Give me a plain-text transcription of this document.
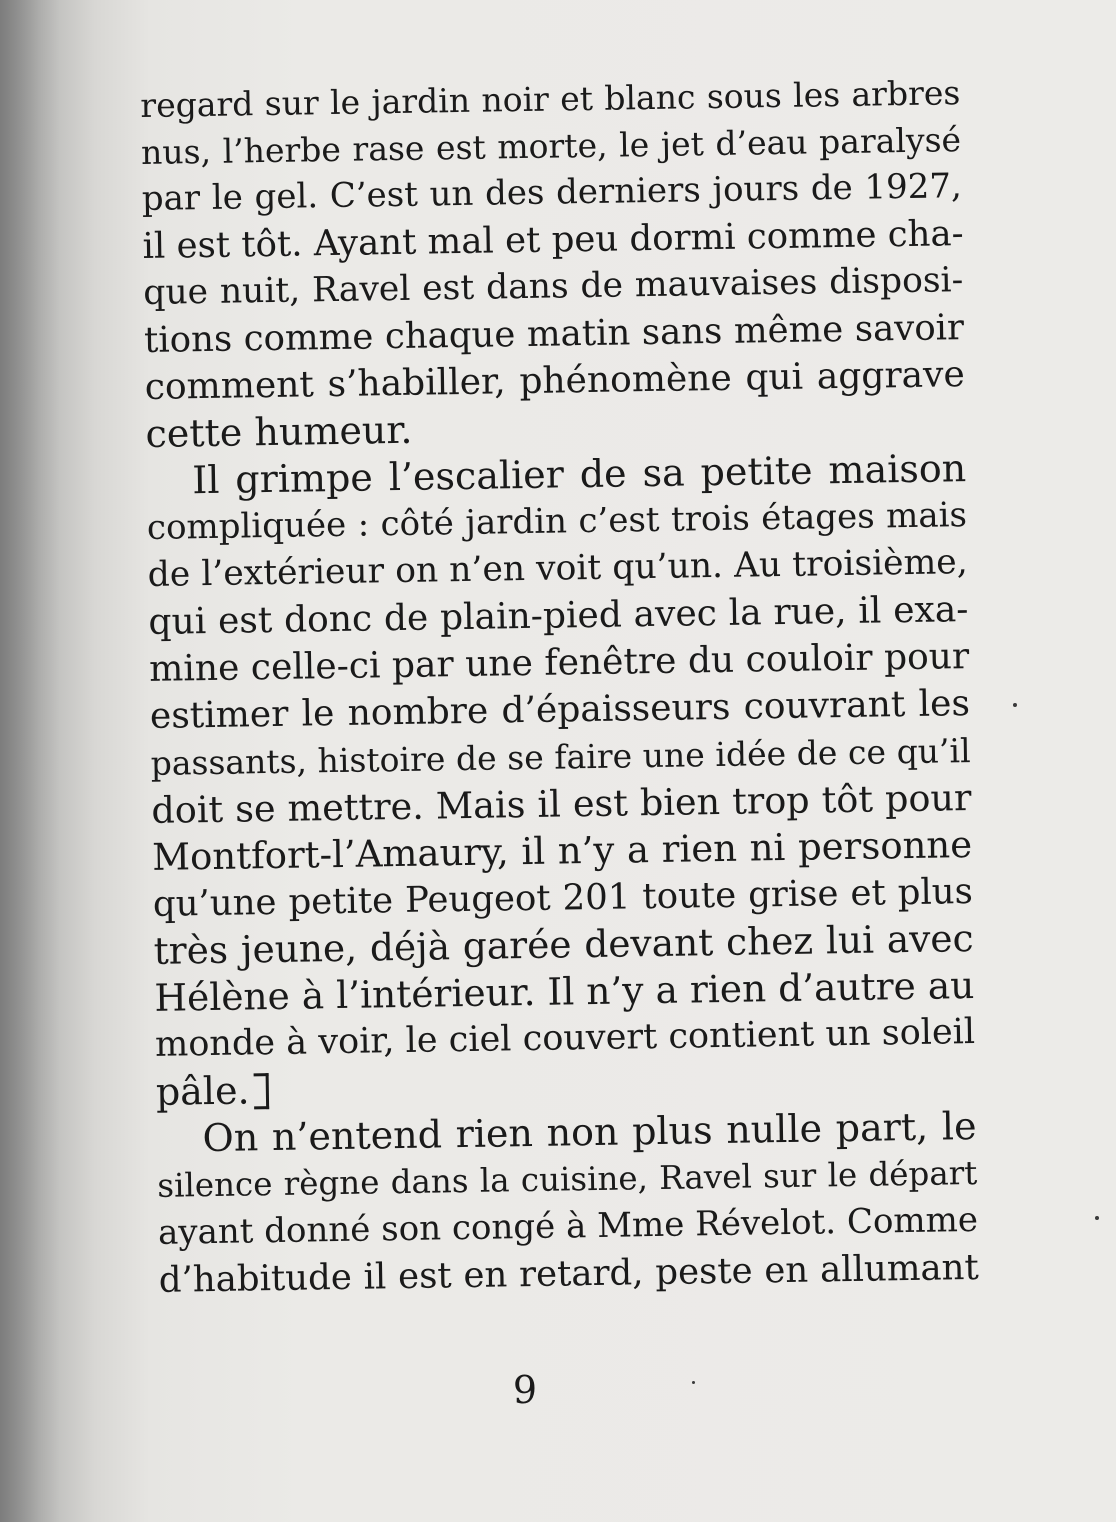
regard sur le jardin noir et blanc sous les arbres
nus, l’herbe rase est morte, le jet d’eau paralysé
par le gel. C’est un des derniers jours de 1927,
il est tôt. Ayant mal et peu dormi comme cha-
que nuit, Ravel est dans de mauvaises disposi-
tions comme chaque matin sans même savoir
comment s’habiller, phénomène qui aggrave
cette humeur.
Il grimpe l’escalier de sa petite maison
compliquée : côté jardin c’est trois étages mais
de l’extérieur on n’en voit qu’un. Au troisième,
qui est donc de plain-pied avec la rue, il exa-
mine celle-ci par une fenêtre du couloir pour
estimer le nombre d’épaisseurs couvrant les
passants, histoire de se faire une idée de ce qu’il
doit se mettre. Mais il est bien trop tôt pour
Montfort-l’Amaury, il n’y a rien ni personne
qu’une petite Peugeot 201 toute grise et plus
très jeune, déjà garée devant chez lui avec
Hélène à l’intérieur. Il n’y a rien d’autre au
monde à voir, le ciel couvert contient un soleil
pâle.
On n’entend rien non plus nulle part, le
silence règne dans la cuisine, Ravel sur le départ
ayant donné son congé à Mme Révelot. Comme
d’habitude il est en retard, peste en allumant
9
